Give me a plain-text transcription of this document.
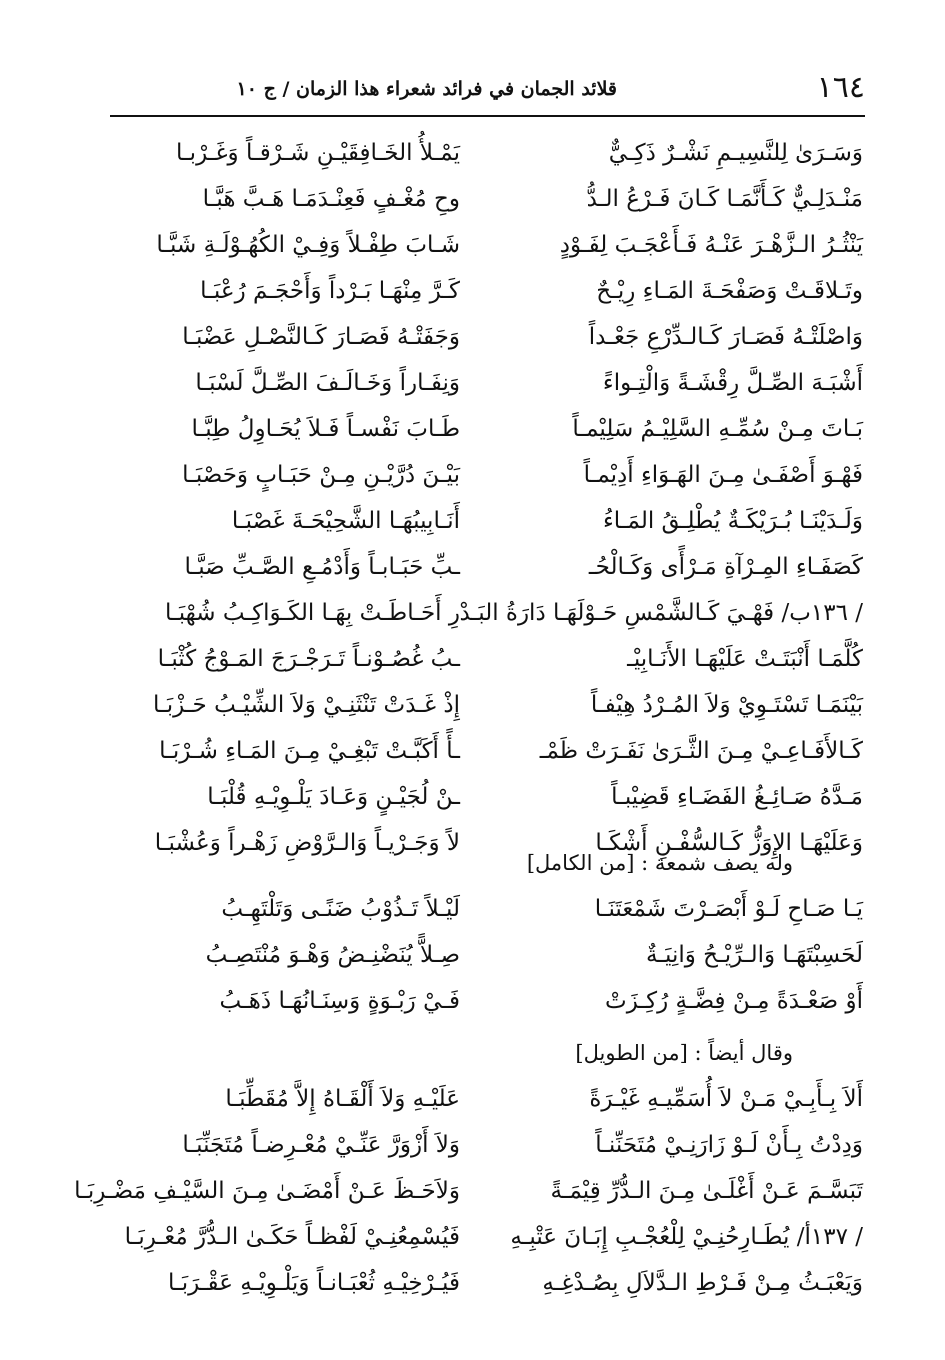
١٦٤
قلائد الجمان في فرائد شعراء هذا الزمان / ج ١٠
وَسَـرَىٰ لِلنَّسِيـمِ نَشْـرٌ ذَكِـيٌّ
مَنْـدَلِـيٌّ كَـأَنَّمَـا كَـانَ فَـرْعُ الـدُّ
يَنْثُـرُ الـزَّهْـرَ عَنْـهُ فَـأَعْجَـبَ لِفَـوْدٍ
وتَـلاقَـتْ وَصَفْحَـةَ المَـاءِ رِيْـحٌ
وَاصْلَتْـهُ فَصَـارَ كَـالـدِّرْعِ جَعْـداً
أَشْبَـهَ الصِّـلَّ رِقْشَـةً وَالْتِـواءً
بَـاتَ مِـنْ سُمِّـهِ السَّلِيْـمُ سَلِيْمـاً
فَهْـوَ أَصْفَـىٰ مِـنَ الهَـوَاءِ أَدِيْمـاً
وَلَـدَيْنَـا بُـرَيْكَـةٌ يُطْلِـقُ المَـاءُ
كَصَفَـاءِ المِـرْآةِ مَـرْأًى وَكَـالْحُـ
/ ١٣٦ب/ فَهْـيَ كَـالشَّمْسِ حَـوْلَهَـا دَارَةُ البَـدْ
كُلَّمَـا أَنْبَتَـتْ عَلَيْهَـا الأَنَـابِيْـ
بَيْنَمَـا تَسْتَـوِيْ وَلاَ المُـرْدُ هِيْفـاً
كَـالأَفَـاعِـيْ مِـنَ الثَّـرَىٰ نَفَـرَتْ ظَمْـ
مَـدَّهُ صَـائِـغُ الفَضَـاءِ قَضِيْبـاً
وَعَلَيْهَـا الإِوَزُّ كَـالسُّفْـنِ أَشْكَـا
يَمْـلأُ الخَـافِقَيْـنِ شَـرْقـاً وَغَـرْبـا
وحِ مُغْـفٍ فَعِنْـدَمَـا هَـبَّ هَبَّـا
شَـابَ طِفْـلاً وَفِـيْ الكُهُـوْلَـةِ شَبَّـا
كَـرَّ مِنْهَـا بَـرْداً وَأَحْجَـمَ رُعْبَـا
وَجَفَتْـهُ فَصَـارَ كَـالنَّصْـلِ عَضْبَـا
وَنِفَـاراً وَخَـالَـفَ الصِّـلَّ لَسْبَـا
طَـابَ نَفْسـاً فَـلاَ يُحَـاوِلُ طِبَّـا
بَيْـنَ دُرَّيْـنِ مِـنْ حَبَـابٍ وَحَصْبَـا
أَنَـابِيبُهَـا الشَّحِيْحَـةَ غَصْبَـا
ـبِّ حَبَـابـاً وَأَدْمُـعِ الصَّـبِّ صَبَّـا
رِ أَحَـاطَـتْ بِهَـا الكَـوَاكِـبُ شُهْبَـا
ـبُ غُصُـوْنـاً تَـرَجْـرَجَ المَـوْجُ كُثْبَـا
إِذْ غَـدَتْ تَنْثَنِـيْ وَلاَ الشِّيْـبُ حَـزْبَـا
ـأً أَكَبَّـتْ تَبْغِـيْ مِـنَ المَـاءِ شُـرْبَـا
ـنْ لُجَيْـنٍ وَعَـادَ يَلْـوِيْـهِ قُلْبَـا
لاً وَجَـرْيـاً وَالـرَّوْضِ زَهْـراً وَعُشْبَـا
وله يصف شمعة : [من الكامل]
يَـا صَـاحِ لَـوْ أَبْصَـرْتَ شَمْعَتَنَـا
لَحَسِبْتَهَـا وَالـرِّيْـحُ وَانِيَـةٌ
أَوْ صَعْـدَةً مِـنْ فِضَّـةٍ رُكِـزَتْ
لَيْـلاً تَـذُوْبُ ضَنًـى وَتَلْتَهِـبُ
صِـلاًّ يُنَضْنِـضُ وَهْـوَ مُنْتَصِـبُ
فَـيْ رَبْـوَةٍ وَسِنَـانُهَـا ذَهَـبُ
وقال أيضاً : [من الطويل]
أَلاَ بِـأَبِـيْ مَـنْ لاَ أُسَمِّيـهِ غَيْـرَةً
وَدِدْتُ بِـأَنْ لَـوْ زَارَنِـيْ مُتَحَنِّنـاً
تَبَسَّـمَ عَـنْ أَغْلَـىٰ مِـنَ الـدُّرِّ قِيْمَـةً
/ ١٣٧أ/ يُطَـارِحُنِـيْ لِلْعُجْـبِ إِبَـانَ عَتْبِـهِ
وَيَعْبَـثُ مِـنْ فَـرْطِ الـدَّلاَلِ بِصُـدْغِـهِ
عَلَيْـهِ وَلاَ أَلْقَـاهُ إِلاَّ مُقَطِّبَـا
وَلاَ أَزْوَرَّ عَنِّـيْ مُعْـرِضـاً مُتَجَنِّبَـا
وَلاَحَـظَ عَـنْ أَمْضَـىٰ مِـنَ السَّيْـفِ مَضْـرِبَـا
فَيُسْمِعُنِـيْ لَفْظـاً حَكَـىٰ الـدُّرَّ مُعْـرِبَـا
فَيُـرْخِيْـهِ ثُعْبَـانـاً وَيَلْـوِيْـهِ عَقْـرَبَـا
